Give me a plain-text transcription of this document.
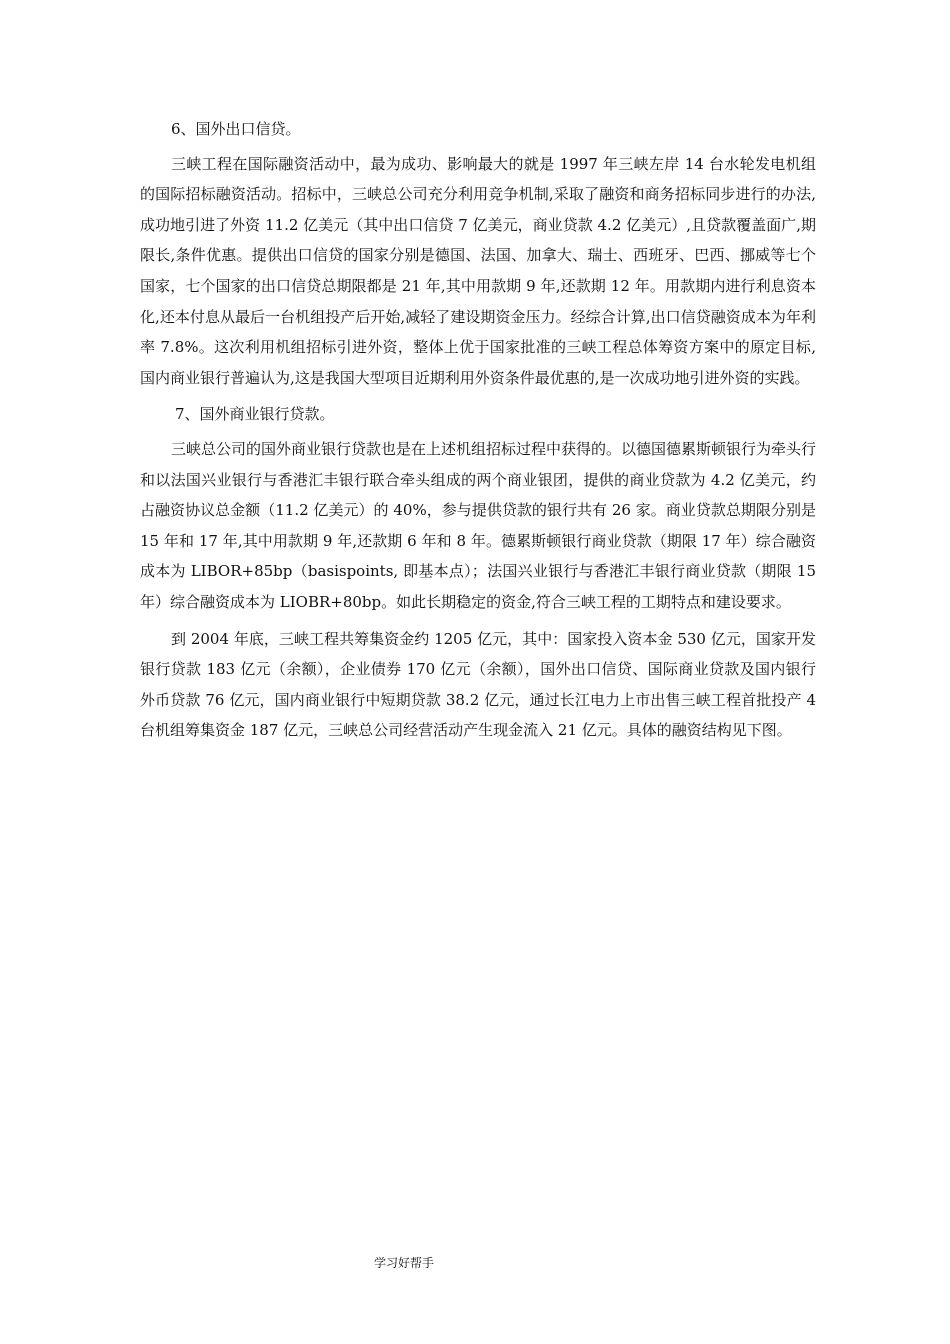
6、国外出口信贷。

三峡工程在国际融资活动中，最为成功、影响最大的就是 1997 年三峡左岸 14 台水轮发电机组的国际招标融资活动。招标中，三峡总公司充分利用竞争机制,采取了融资和商务招标同步进行的办法,成功地引进了外资 11.2 亿美元（其中出口信贷 7 亿美元，商业贷款 4.2 亿美元）,且贷款覆盖面广,期限长,条件优惠。提供出口信贷的国家分别是德国、法国、加拿大、瑞士、西班牙、巴西、挪威等七个国家，七个国家的出口信贷总期限都是 21 年,其中用款期 9 年,还款期 12 年。用款期内进行利息资本化,还本付息从最后一台机组投产后开始,减轻了建设期资金压力。经综合计算,出口信贷融资成本为年利率 7.8%。这次利用机组招标引进外资，整体上优于国家批准的三峡工程总体筹资方案中的原定目标,国内商业银行普遍认为,这是我国大型项目近期利用外资条件最优惠的,是一次成功地引进外资的实践。

7、国外商业银行贷款。

三峡总公司的国外商业银行贷款也是在上述机组招标过程中获得的。以德国德累斯顿银行为牵头行和以法国兴业银行与香港汇丰银行联合牵头组成的两个商业银团，提供的商业贷款为 4.2 亿美元，约占融资协议总金额（11.2 亿美元）的 40%，参与提供贷款的银行共有 26 家。商业贷款总期限分别是 15 年和 17 年,其中用款期 9 年,还款期 6 年和 8 年。德累斯顿银行商业贷款（期限 17 年）综合融资成本为 LIBOR+85bp（basispoints, 即基本点）；法国兴业银行与香港汇丰银行商业贷款（期限 15 年）综合融资成本为 LIOBR+80bp。如此长期稳定的资金,符合三峡工程的工期特点和建设要求。

到 2004 年底，三峡工程共筹集资金约 1205 亿元，其中：国家投入资本金 530 亿元，国家开发银行贷款 183 亿元（余额），企业债券 170 亿元（余额），国外出口信贷、国际商业贷款及国内银行外币贷款 76 亿元，国内商业银行中短期贷款 38.2 亿元，通过长江电力上市出售三峡工程首批投产 4 台机组筹集资金 187 亿元，三峡总公司经营活动产生现金流入 21 亿元。具体的融资结构见下图。

学习好帮手
